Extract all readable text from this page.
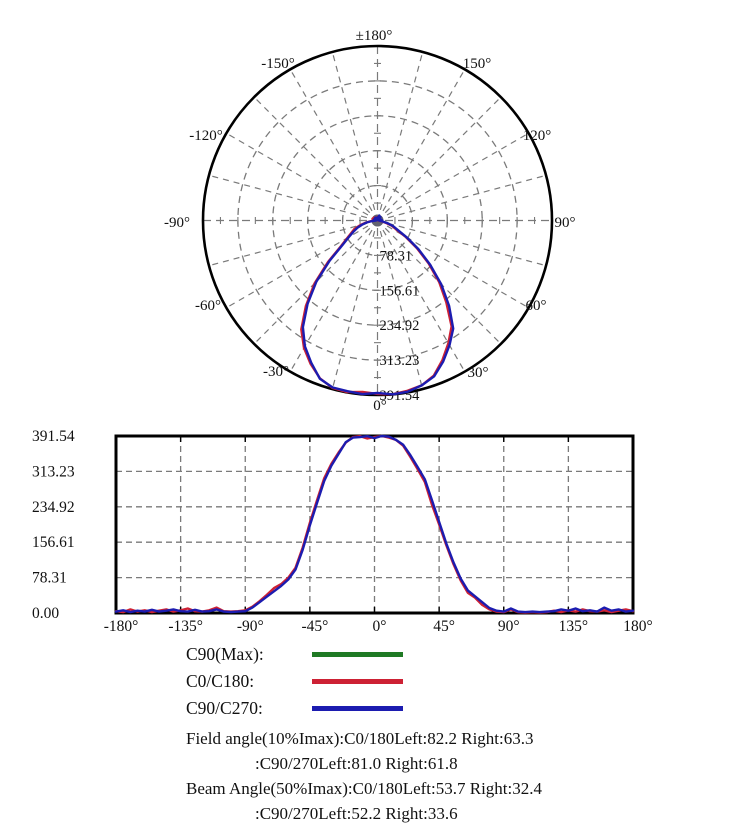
78.31
156.61
234.92
313.23
391.54
±180°
-150°	150°
-120°	120°
-90°	90°
-60°	60°
-30°	30°
0°
391.54
313.23
234.92
156.61
78.31
0.00
-180° -135° -90° -45°	0°	45°	90°	135° 180°
C90(Max):
C0/C180:
C90/C270:
Field angle(10%Imax):C0/180Left:82.2 Right:63.3
:C90/270Left:81.0 Right:61.8
Beam Angle(50%Imax):C0/180Left:53.7 Right:32.4
:C90/270Left:52.2 Right:33.6
